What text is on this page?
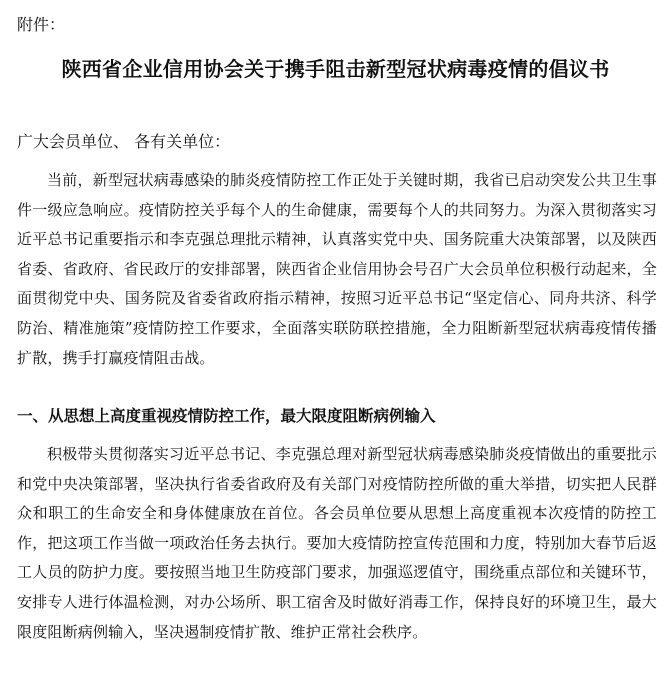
附件：
陕西省企业信用协会关于携手阻击新型冠状病毒疫情的倡议书
广大会员单位、 各有关单位：
当前，新型冠状病毒感染的肺炎疫情防控工作正处于关键时期，我省已启动突发公共卫生事件一级应急响应。疫情防控关乎每个人的生命健康，需要每个人的共同努力。为深入贯彻落实习近平总书记重要指示和李克强总理批示精神，认真落实党中央、国务院重大决策部署，以及陕西省委、省政府、省民政厅的安排部署，陕西省企业信用协会号召广大会员单位积极行动起来，全面贯彻党中央、国务院及省委省政府指示精神，按照习近平总书记“坚定信心、同舟共济、科学防治、精准施策”疫情防控工作要求，全面落实联防联控措施，全力阻断新型冠状病毒疫情传播扩散，携手打赢疫情阻击战。
一、从思想上高度重视疫情防控工作，最大限度阻断病例输入
积极带头贯彻落实习近平总书记、李克强总理对新型冠状病毒感染肺炎疫情做出的重要批示和党中央决策部署，坚决执行省委省政府及有关部门对疫情防控所做的重大举措，切实把人民群众和职工的生命安全和身体健康放在首位。各会员单位要从思想上高度重视本次疫情的防控工作，把这项工作当做一项政治任务去执行。要加大疫情防控宣传范围和力度，特别加大春节后返工人员的防护力度。要按照当地卫生防疫部门要求，加强巡逻值守，围绕重点部位和关键环节，安排专人进行体温检测，对办公场所、职工宿舍及时做好消毒工作，保持良好的环境卫生，最大限度阻断病例输入，坚决遏制疫情扩散、维护正常社会秩序。
